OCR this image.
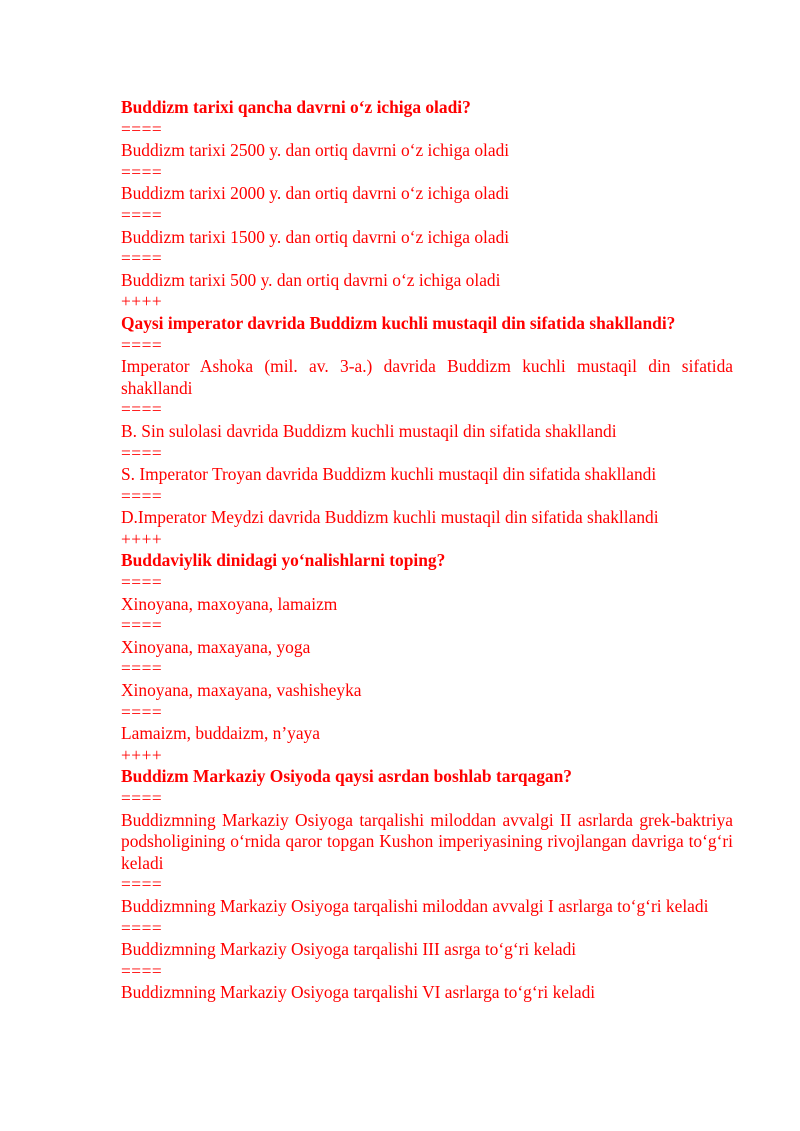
Buddizm tarixi qancha davrni o‘z ichiga oladi?
====
Buddizm tarixi 2500 y. dan ortiq davrni o‘z ichiga oladi
====
Buddizm tarixi 2000 y. dan ortiq davrni o‘z ichiga oladi
====
Buddizm tarixi 1500 y. dan ortiq davrni o‘z ichiga oladi
====
Buddizm tarixi 500 y. dan ortiq davrni o‘z ichiga oladi
++++
Qaysi imperator davrida Buddizm kuchli mustaqil din sifatida shakllandi?
====
Imperator Ashoka (mil. av. 3-a.) davrida Buddizm kuchli mustaqil din sifatida shakllandi
====
B. Sin sulolasi davrida Buddizm kuchli mustaqil din sifatida shakllandi
====
S. Imperator Troyan davrida Buddizm kuchli mustaqil din sifatida shakllandi
====
D.Imperator Meydzi davrida Buddizm kuchli mustaqil din sifatida shakllandi
++++
Buddaviylik dinidagi yo‘nalishlarni toping?
====
Xinoyana, maxoyana, lamaizm
====
Xinoyana, maxayana, yoga
====
Xinoyana, maxayana, vashisheyka
====
Lamaizm, buddaizm, n’yaya
++++
Buddizm Markaziy Osiyoda qaysi asrdan boshlab tarqagan?
====
Buddizmning Markaziy Osiyoga tarqalishi miloddan avvalgi II asrlarda grek-baktriya podsholigining o‘rnida qaror topgan Kushon imperiyasining rivojlangan davriga to‘g‘ri keladi
====
Buddizmning Markaziy Osiyoga tarqalishi miloddan avvalgi I asrlarga to‘g‘ri keladi
====
Buddizmning Markaziy Osiyoga tarqalishi III asrga to‘g‘ri keladi
====
Buddizmning Markaziy Osiyoga tarqalishi VI asrlarga to‘g‘ri keladi
